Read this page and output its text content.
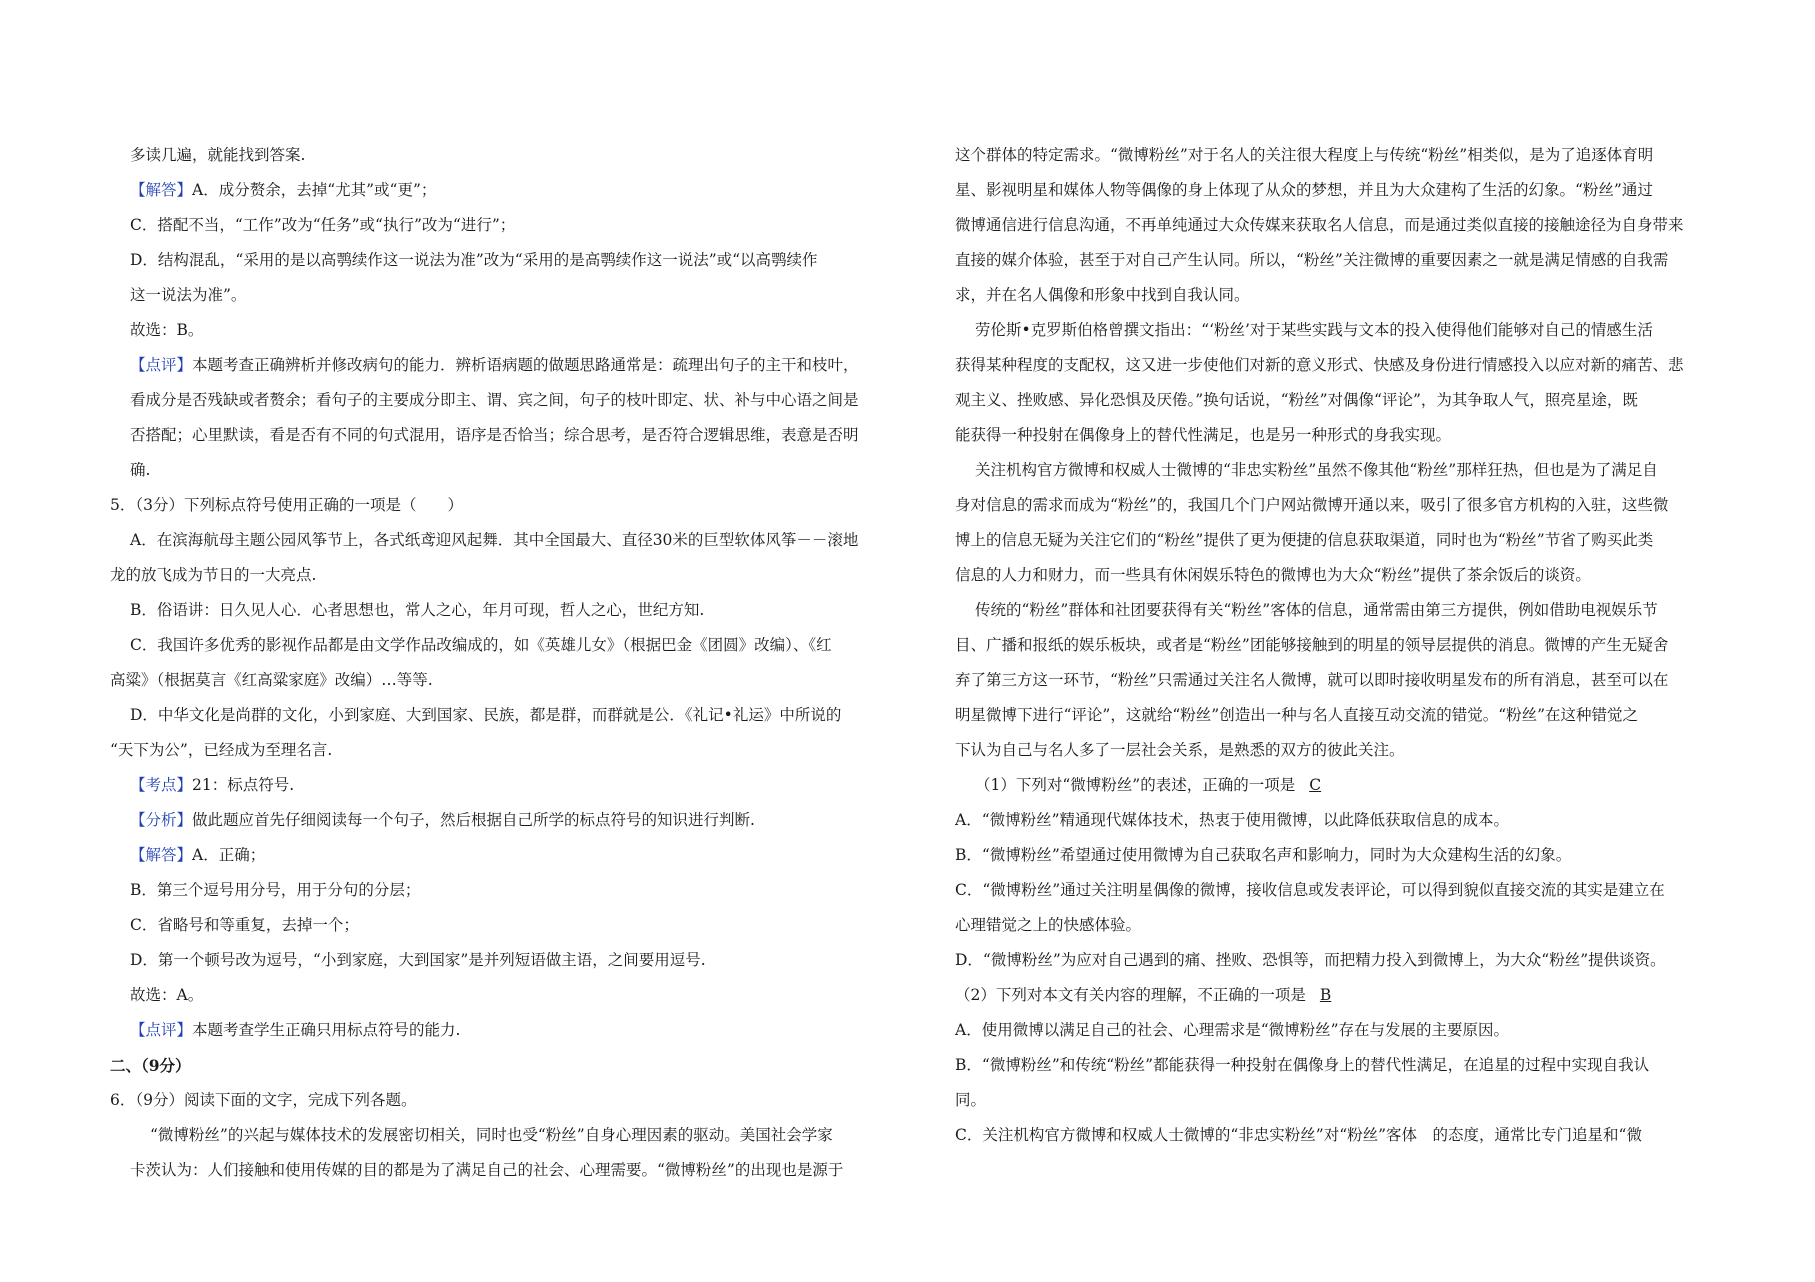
多读几遍，就能找到答案.
【解答】A．成分赘余，去掉“尤其”或“更”；
C．搭配不当，“工作”改为“任务”或“执行”改为“进行”；
D．结构混乱，“采用的是以高鹗续作这一说法为准”改为“采用的是高鹗续作这一说法”或“以高鹗续作
这一说法为准”。
故选：B。
【点评】本题考查正确辨析并修改病句的能力．辨析语病题的做题思路通常是：疏理出句子的主干和枝叶，
看成分是否残缺或者赘余；看句子的主要成分即主、谓、宾之间，句子的枝叶即定、状、补与中心语之间是
否搭配；心里默读，看是否有不同的句式混用，语序是否恰当；综合思考，是否符合逻辑思维，表意是否明
确.
5．（3分）下列标点符号使用正确的一项是（　　）
A．在滨海航母主题公园风筝节上，各式纸鸢迎风起舞．其中全国最大、直径30米的巨型软体风筝－－滚地
龙的放飞成为节日的一大亮点.
B．俗语讲：日久见人心．心者思想也，常人之心，年月可现，哲人之心，世纪方知.
C．我国许多优秀的影视作品都是由文学作品改编成的，如《英雄儿女》（根据巴金《团圆》改编）、《红
高粱》（根据莫言《红高粱家庭》改编）…等等.
D．中华文化是尚群的文化，小到家庭、大到国家、民族，都是群，而群就是公．《礼记•礼运》中所说的
“天下为公”，已经成为至理名言.
【考点】21：标点符号.
【分析】做此题应首先仔细阅读每一个句子，然后根据自己所学的标点符号的知识进行判断.
【解答】A．正确；
B．第三个逗号用分号，用于分句的分层；
C．省略号和等重复，去掉一个；
D．第一个顿号改为逗号，“小到家庭，大到国家”是并列短语做主语，之间要用逗号.
故选：A。
【点评】本题考查学生正确只用标点符号的能力.
二、（9分）
6．（9分）阅读下面的文字，完成下列各题。
“微博粉丝”的兴起与媒体技术的发展密切相关，同时也受“粉丝”自身心理因素的驱动。美国社会学家
卡茨认为：人们接触和使用传媒的目的都是为了满足自己的社会、心理需要。“微博粉丝”的出现也是源于
这个群体的特定需求。“微博粉丝”对于名人的关注很大程度上与传统“粉丝”相类似，是为了追逐体育明
星、影视明星和媒体人物等偶像的身上体现了从众的梦想，并且为大众建构了生活的幻象。“粉丝”通过
微博通信进行信息沟通，不再单纯通过大众传媒来获取名人信息，而是通过类似直接的接触途径为自身带来
直接的媒介体验，甚至于对自己产生认同。所以，“粉丝”关注微博的重要因素之一就是满足情感的自我需
求，并在名人偶像和形象中找到自我认同。
劳伦斯•克罗斯伯格曾撰文指出：“‘粉丝’对于某些实践与文本的投入使得他们能够对自己的情感生活
获得某种程度的支配权，这又进一步使他们对新的意义形式、快感及身份进行情感投入以应对新的痛苦、悲
观主义、挫败感、异化恐惧及厌倦。”换句话说，“粉丝”对偶像“评论”，为其争取人气，照亮星途，既
能获得一种投射在偶像身上的替代性满足，也是另一种形式的身我实现。
关注机构官方微博和权威人士微博的“非忠实粉丝”虽然不像其他“粉丝”那样狂热，但也是为了满足自
身对信息的需求而成为“粉丝”的，我国几个门户网站微博开通以来，吸引了很多官方机构的入驻，这些微
博上的信息无疑为关注它们的“粉丝”提供了更为便捷的信息获取渠道，同时也为“粉丝”节省了购买此类
信息的人力和财力，而一些具有休闲娱乐特色的微博也为大众“粉丝”提供了茶余饭后的谈资。
传统的“粉丝”群体和社团要获得有关“粉丝”客体的信息，通常需由第三方提供，例如借助电视娱乐节
目、广播和报纸的娱乐板块，或者是“粉丝”团能够接触到的明星的领导层提供的消息。微博的产生无疑舍
弃了第三方这一环节，“粉丝”只需通过关注名人微博，就可以即时接收明星发布的所有消息，甚至可以在
明星微博下进行“评论”，这就给“粉丝”创造出一种与名人直接互动交流的错觉。“粉丝”在这种错觉之
下认为自己与名人多了一层社会关系，是熟悉的双方的彼此关注。
（1）下列对“微博粉丝”的表述，正确的一项是 C
A．“微博粉丝”精通现代媒体技术，热衷于使用微博，以此降低获取信息的成本。
B．“微博粉丝”希望通过使用微博为自己获取名声和影响力，同时为大众建构生活的幻象。
C．“微博粉丝”通过关注明星偶像的微博，接收信息或发表评论，可以得到貌似直接交流的其实是建立在
心理错觉之上的快感体验。
D．“微博粉丝”为应对自己遇到的痛、挫败、恐惧等，而把精力投入到微博上，为大众“粉丝”提供谈资。
（2）下列对本文有关内容的理解，不正确的一项是 B
A．使用微博以满足自己的社会、心理需求是“微博粉丝”存在与发展的主要原因。
B．“微博粉丝”和传统“粉丝”都能获得一种投射在偶像身上的替代性满足，在追星的过程中实现自我认
同。
C．关注机构官方微博和权威人士微博的“非忠实粉丝”对“粉丝”客体　的态度，通常比专门追星和“微
